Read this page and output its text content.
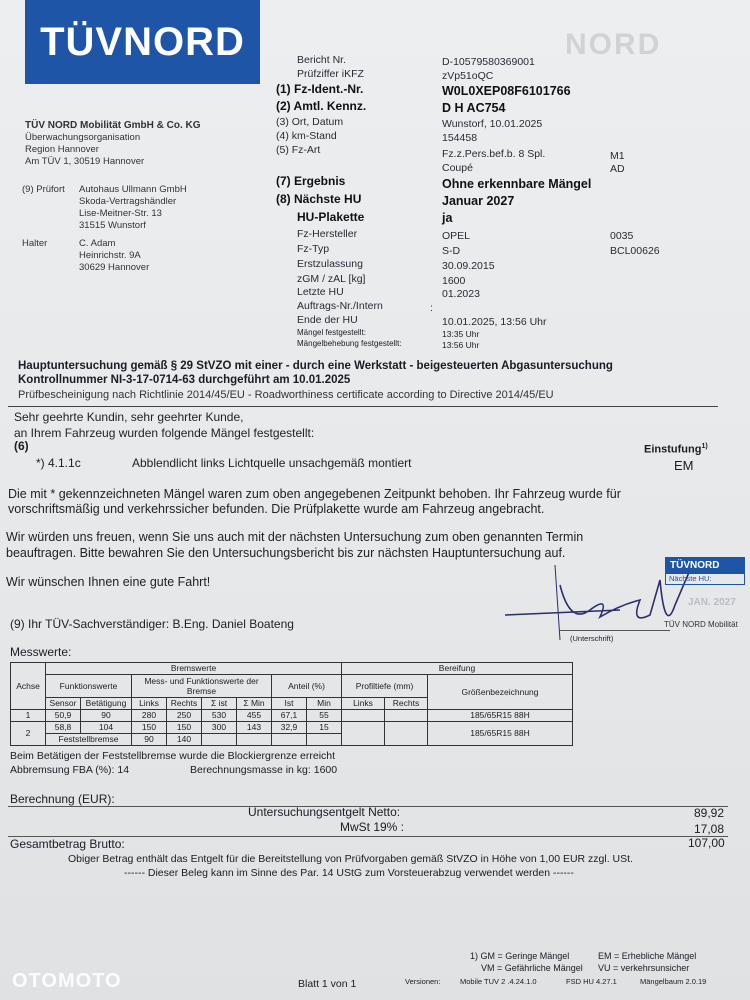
NORD
TÜVNORD
TÜV NORD Mobilität GmbH & Co. KG
Überwachungsorganisation
Region Hannover
Am TÜV 1, 30519 Hannover
(9) Prüfort Autohaus Ullmann GmbH
Skoda-Vertragshändler
Lise-Meitner-Str. 13
31515 Wunstorf
Halter	C. Adam
Heinrichstr. 9A
30629 Hannover
Bericht Nr.	D-10579580369001
Prüfziffer iKFZ	zVp51oQC
(1) Fz-Ident.-Nr.	W0L0XEP08F6101766
(2) Amtl. Kennz.	D H AC754
(3) Ort, Datum	Wunstorf, 10.01.2025
(4) km-Stand	154458
(5) Fz-Art	Fz.z.Pers.bef.b. 8 Spl.	M1
Coupé	AD
(7) Ergebnis	Ohne erkennbare Mängel
(8) Nächste HU	Januar 2027
HU-Plakette	ja
Fz-Hersteller	OPEL	0035
Fz-Typ	S-D	BCL00626
Erstzulassung	30.09.2015
zGM / zAL [kg]	1600
Letzte HU	01.2023
Auftrags-Nr./Intern	:
Ende der HU	10.01.2025, 13:56 Uhr
Mängel festgestellt:	13:35 Uhr
Mängelbehebung festgestellt:	13:56 Uhr
Hauptuntersuchung gemäß § 29 StVZO mit einer - durch eine Werkstatt - beigesteuerten Abgasuntersuchung
Kontrollnummer NI-3-17-0714-63 durchgeführt am 10.01.2025
Prüfbescheinigung nach Richtlinie 2014/45/EU - Roadworthiness certificate according to Directive 2014/45/EU
Sehr geehrte Kundin, sehr geehrter Kunde,
an Ihrem Fahrzeug wurden folgende Mängel festgestellt:
(6)	Einstufung$^{1)}$
*) 4.1.1c	Abblendlicht links Lichtquelle unsachgemäß montiert	EM
Die mit * gekennzeichneten Mängel waren zum oben angegebenen Zeitpunkt behoben. Ihr Fahrzeug wurde für
vorschriftsmäßig und verkehrssicher befunden. Die Prüfplakette wurde am Fahrzeug angebracht.
Wir würden uns freuen, wenn Sie uns auch mit der nächsten Untersuchung zum oben genannten Termin
beauftragen. Bitte bewahren Sie den Untersuchungsbericht bis zur nächsten Hauptuntersuchung auf.
Wir wünschen Ihnen eine gute Fahrt!
(9) Ihr TÜV-Sachverständiger: B.Eng. Daniel Boateng
(Unterschrift)
TÜVNORD
Nächste HU:
JAN. 2027
TÜV NORD Mobilität
Messwerte:
Achse	Bremswerte								Bereifung		
	Funktionswerte		Mess- und Funktionswerte der Bremse				Anteil (%)		Profiltiefe (mm)		Größenbezeichnung
	Sensor	Betätigung	Links	Rechts	Σ ist	Σ Min	Ist	Min	Links	Rechts	
1	50,9	90	280	250	530	455	67,1	55			185/65R15 88H
2	58,8	104	150	150	300	143	32,9	15			185/65R15 88H
	Feststellbremse		90	140							
Beim Betätigen der Feststellbremse wurde die Blockiergrenze erreicht
Abbremsung FBA (%): 14	Berechnungsmasse in kg: 1600
Berechnung (EUR):
Untersuchungsentgelt Netto:	89,92
MwSt 19% :	17,08
Gesamtbetrag Brutto:	107,00
Obiger Betrag enthält das Entgelt für die Bereitstellung von Prüfvorgaben gemäß StVZO in Höhe von 1,00 EUR zzgl. USt.
------ Dieser Beleg kann im Sinne des Par. 14 UStG zum Vorsteuerabzug verwendet werden ------
1) GM = Geringe Mängel	EM = Erhebliche Mängel
VM = Gefährliche Mängel VU = verkehrsunsicher
Blatt 1 von 1	Versionen:	Mobile TUV 2 .4.24.1.0	FSD HU 4.27.1	Mängelbaum 2.0.19
OTOMOTO
